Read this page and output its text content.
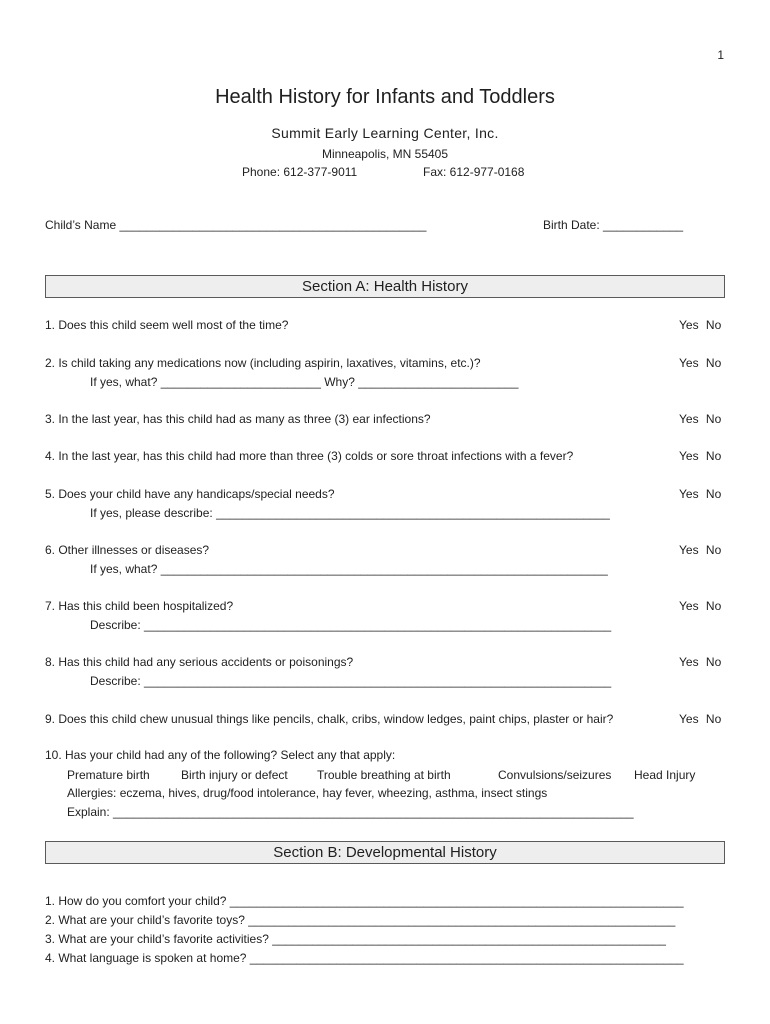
1
Health History for Infants and Toddlers
Summit Early Learning Center, Inc.
Minneapolis, MN 55405
Phone: 612-377-9011	Fax: 612-977-0168
Child’s Name ______________________________________________	Birth Date: ____________
Section A: Health History
1. Does this child seem well most of the time?	Yes No
2. Is child taking any medications now (including aspirin, laxatives, vitamins, etc.)?	Yes No
If yes, what? ________________________ Why? ________________________
3. In the last year, has this child had as many as three (3) ear infections?	Yes No
4. In the last year, has this child had more than three (3) colds or sore throat infections with a fever?	Yes No
5. Does your child have any handicaps/special needs?	Yes No
If yes, please describe: ___________________________________________________________
6. Other illnesses or diseases?	Yes No
If yes, what? ___________________________________________________________________
7. Has this child been hospitalized?	Yes No
Describe: ______________________________________________________________________
8. Has this child had any serious accidents or poisonings?	Yes No
Describe: ______________________________________________________________________
9. Does this child chew unusual things like pencils, chalk, cribs, window ledges, paint chips, plaster or hair?	Yes No
10. Has your child had any of the following? Select any that apply:
Premature birth	Birth injury or defect Trouble breathing at birth	Convulsions/seizures Head Injury
Allergies: eczema, hives, drug/food intolerance, hay fever, wheezing, asthma, insect stings
Explain: ______________________________________________________________________________
Section B: Developmental History
1. How do you comfort your child? ____________________________________________________________________
2. What are your child’s favorite toys? ________________________________________________________________
3. What are your child’s favorite activities? ___________________________________________________________
4. What language is spoken at home? _________________________________________________________________
